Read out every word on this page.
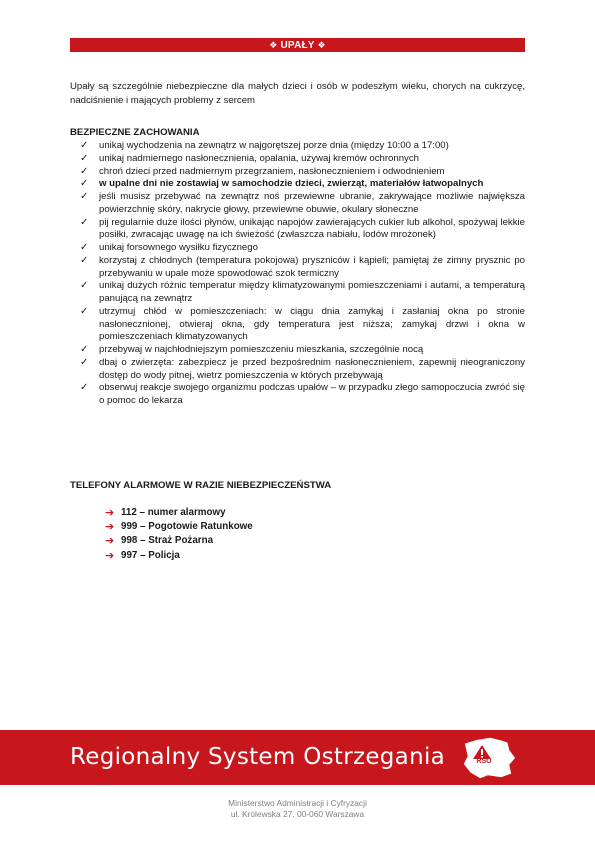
❖ UPAŁY ❖

Upały są szczególnie niebezpieczne dla małych dzieci i osób w podeszłym wieku, chorych na cukrzycę, nadciśnienie i mających problemy z sercem

BEZPIECZNE ZACHOWANIA
✓	unikaj wychodzenia na zewnątrz w najgorętszej porze dnia (między 10:00 a 17:00)
✓	unikaj nadmiernego nasłonecznienia, opalania, używaj kremów ochronnych
✓	chroń dzieci przed nadmiernym przegrzaniem, nasłonecznieniem i odwodnieniem
✓	w upalne dni nie zostawiaj w samochodzie dzieci, zwierząt, materiałów łatwopalnych
✓	jeśli musisz przebywać na zewnątrz noś przewiewne ubranie, zakrywające możliwie największa powierzchnię skóry, nakrycie głowy, przewiewne obuwie, okulary słoneczne
✓	pij regularnie duże ilości płynów, unikając napojów zawierających cukier lub alkohol, spożywaj lekkie posiłki, zwracając uwagę na ich świeżość (zwłaszcza nabiału, lodów mrożonek)
✓	unikaj forsownego wysiłku fizycznego
✓	korzystaj z chłodnych (temperatura pokojowa) pryszniców i kąpieli; pamiętaj że zimny prysznic po przebywaniu w upale może spowodować szok termiczny
✓	unikaj dużych różnic temperatur między klimatyzowanymi pomieszczeniami i autami, a temperaturą panującą na zewnątrz
✓	utrzymuj chłód w pomieszczeniach: w ciągu dnia zamykaj i zasłaniaj okna po stronie nasłonecznionej, otwieraj okna, gdy temperatura jest niższa; zamykaj drzwi i okna w pomieszczeniach klimatyzowanych
✓	przebywaj w najchłodniejszym pomieszczeniu mieszkania, szczególnie nocą
✓	dbaj o zwierzęta: zabezpiecz je przed bezpośrednim nasłonecznieniem, zapewnij nieograniczony dostęp do wody pitnej, wietrz pomieszczenia w których przebywają
✓	obserwuj reakcje swojego organizmu podczas upałów – w przypadku złego samopoczucia zwróć się o pomoc do lekarza
TELEFONY ALARMOWE W RAZIE NIEBEZPIECZEŃSTWA
➔ 112 – numer alarmowy
➔ 999 – Pogotowie Ratunkowe
➔ 998 – Straż Pożarna
➔ 997 – Policja
Regionalny System Ostrzegania	RSO
Ministerstwo Administracji i Cyfryzacji
ul. Królewska 27, 00-060 Warszawa
